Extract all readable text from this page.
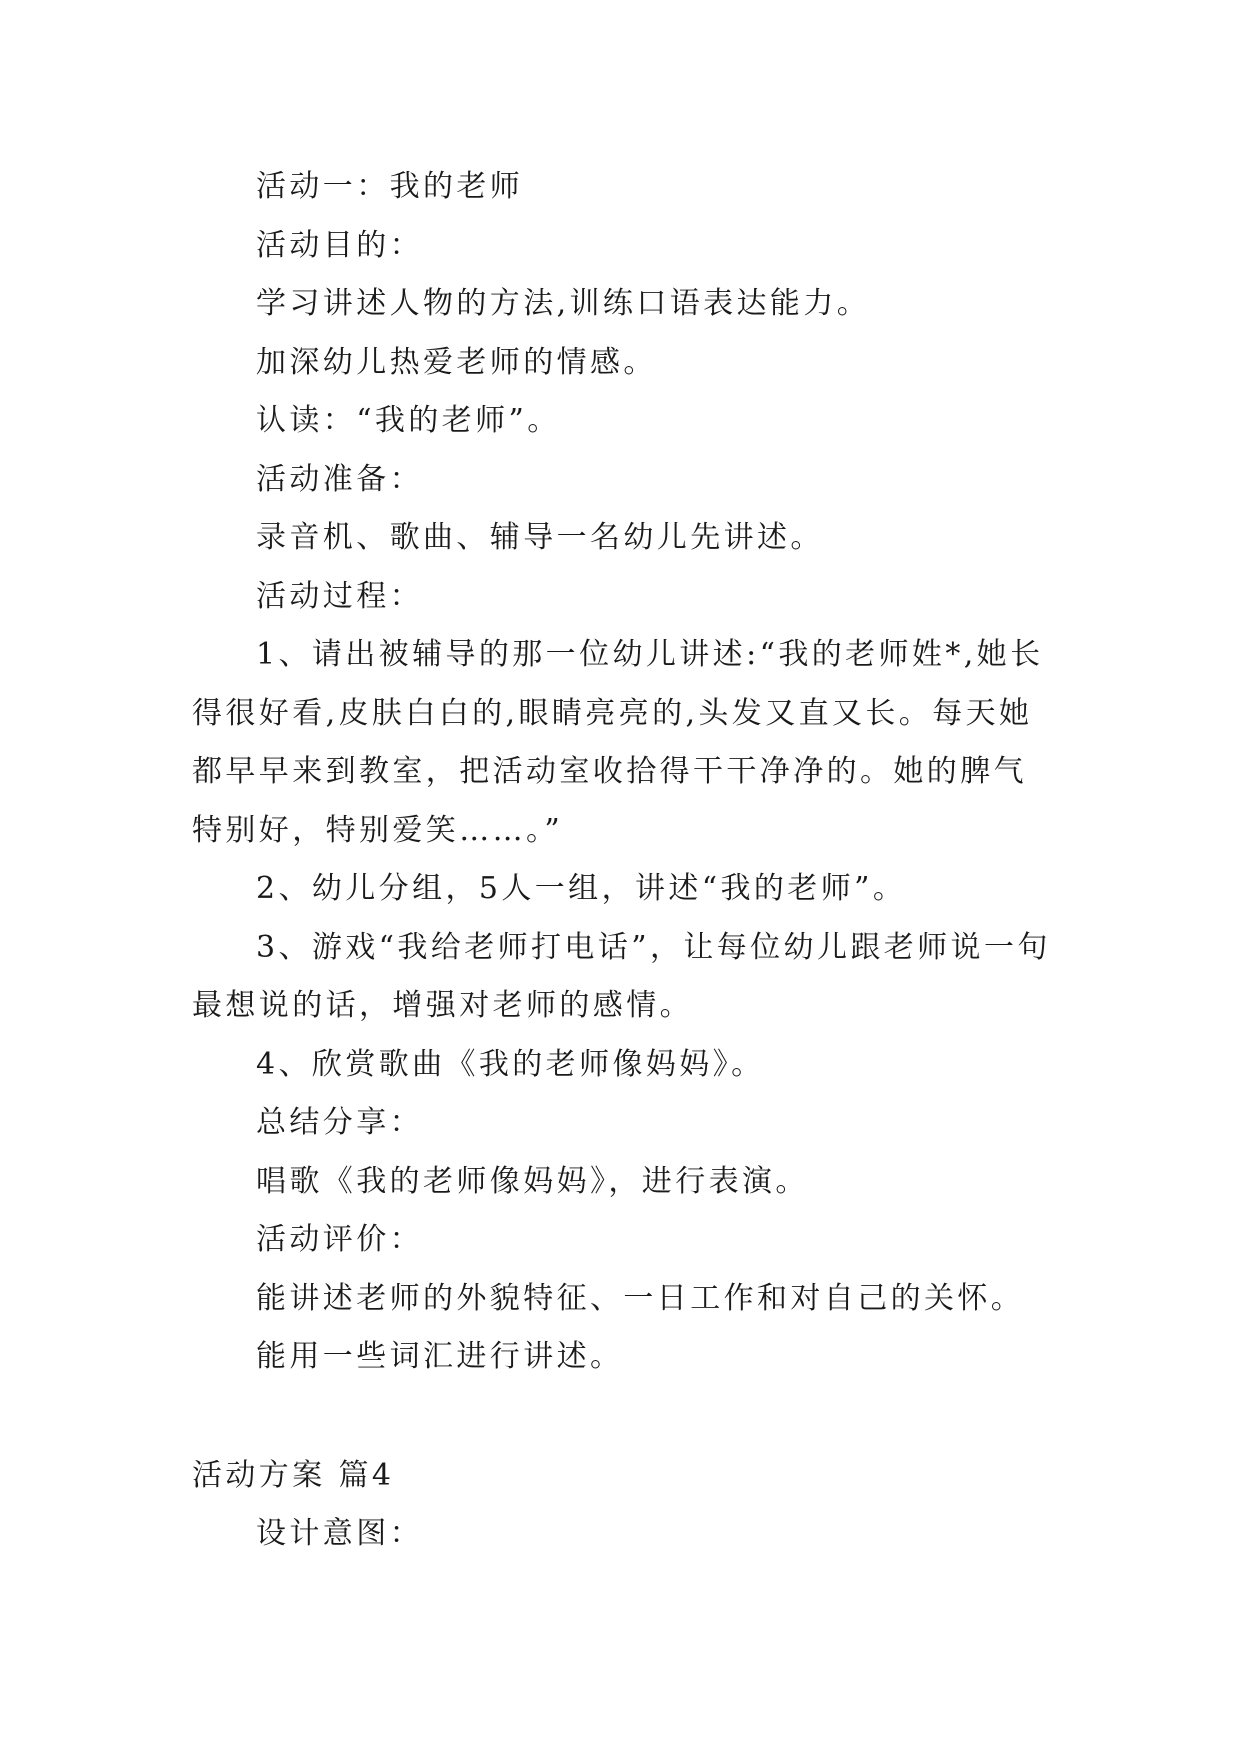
活动一：我的老师

活动目的：

学习讲述人物的方法,训练口语表达能力。

加深幼儿热爱老师的情感。

认读：“我的老师”。

活动准备：

录音机、歌曲、辅导一名幼儿先讲述。

活动过程：

1、请出被辅导的那一位幼儿讲述:“我的老师姓*,她长得很好看,皮肤白白的,眼睛亮亮的,头发又直又长。每天她都早早来到教室，把活动室收拾得干干净净的。她的脾气特别好，特别爱笑……。”

2、幼儿分组，5人一组，讲述“我的老师”。

3、游戏“我给老师打电话”，让每位幼儿跟老师说一句最想说的话，增强对老师的感情。

4、欣赏歌曲《我的老师像妈妈》。

总结分享：

唱歌《我的老师像妈妈》，进行表演。

活动评价：

能讲述老师的外貌特征、一日工作和对自己的关怀。

能用一些词汇进行讲述。

活动方案 篇4

设计意图：
